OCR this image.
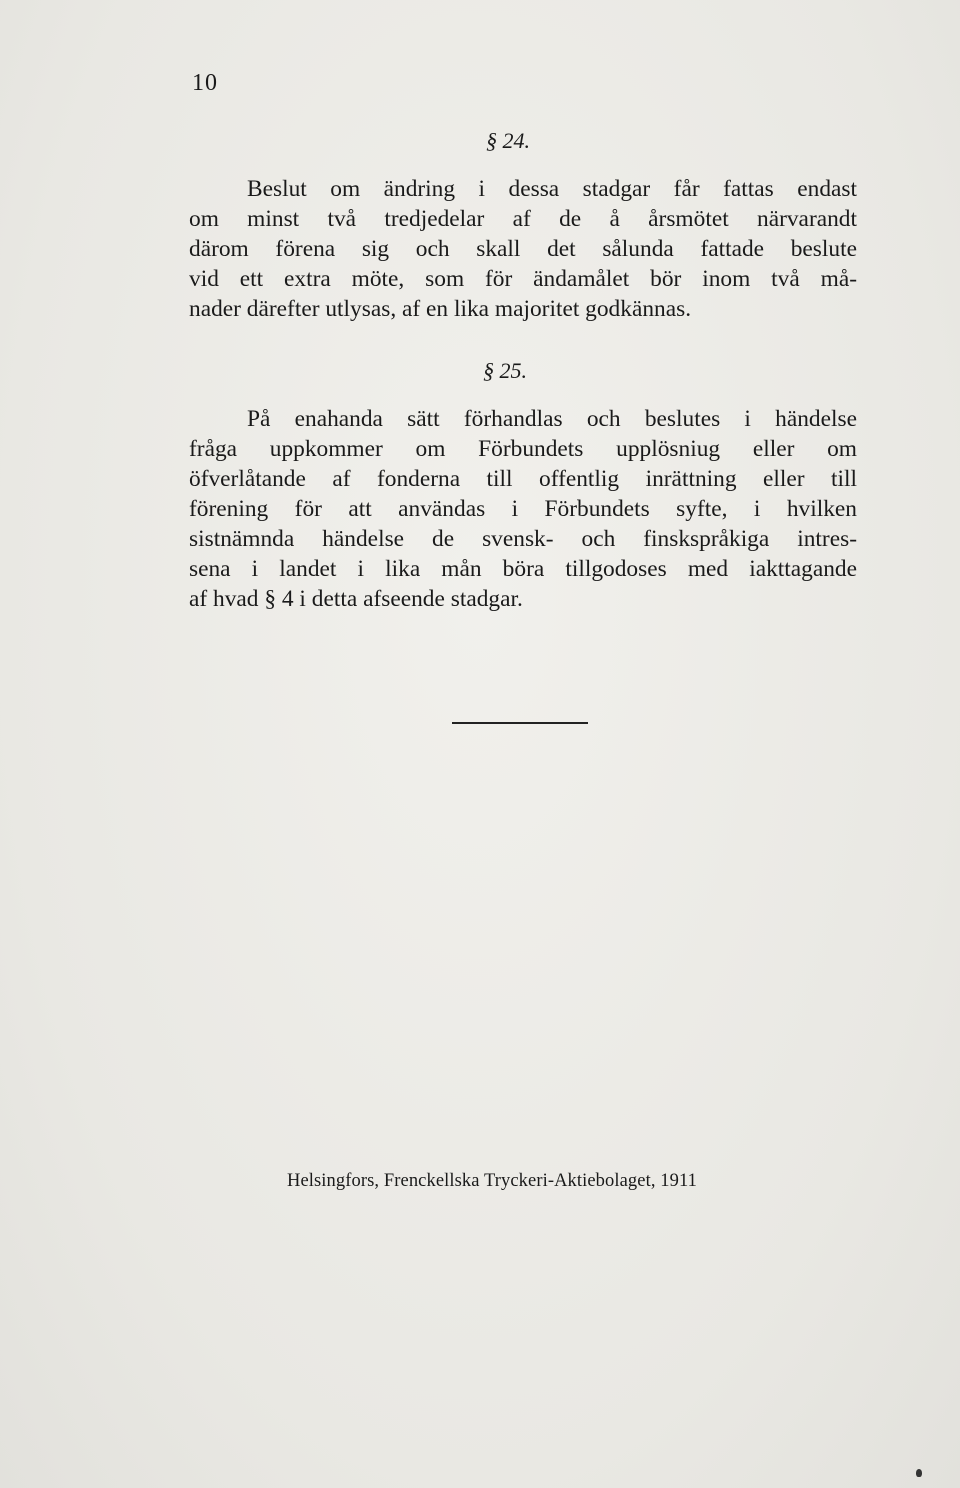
10
§ 24.

Beslut om ändring i dessa stadgar får fattas endast
om minst två tredjedelar af de å årsmötet närvarandt
därom förena sig och skall det sålunda fattade beslute
vid ett extra möte, som för ändamålet bör inom två må-
nader därefter utlysas, af en lika majoritet godkännas.

§ 25.

På enahanda sätt förhandlas och beslutes i händelse
fråga uppkommer om Förbundets upplösniug eller om
öfverlåtande af fonderna till offentlig inrättning eller till
förening för att användas i Förbundets syfte, i hvilken
sistnämnda händelse de svensk- och finskspråkiga intres-
sena i landet i lika mån böra tillgodoses med iakttagande
af hvad § 4 i detta afseende stadgar.

Helsingfors, Frenckellska Tryckeri-Aktiebolaget, 1911
